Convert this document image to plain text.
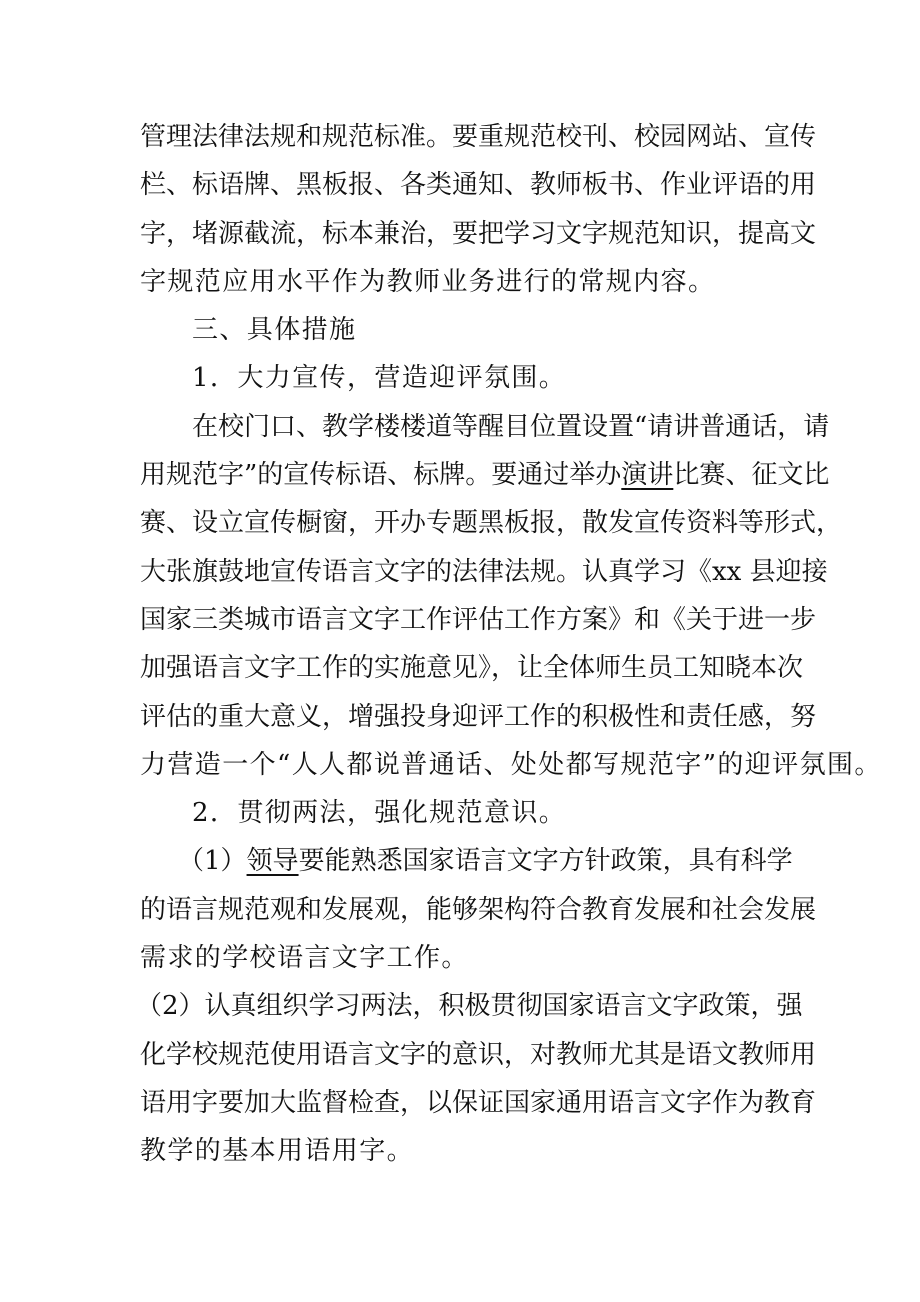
管理法律法规和规范标准。要重规范校刊、校园网站、宣传
栏、标语牌、黑板报、各类通知、教师板书、作业评语的用
字，堵源截流，标本兼治，要把学习文字规范知识，提高文
字规范应用水平作为教师业务进行的常规内容。
三、具体措施
1．大力宣传，营造迎评氛围。
在校门口、教学楼楼道等醒目位置设置“请讲普通话，请
用规范字”的宣传标语、标牌。要通过举办演讲比赛、征文比
赛、设立宣传橱窗，开办专题黑板报，散发宣传资料等形式，
大张旗鼓地宣传语言文字的法律法规。认真学习《xx 县迎接
国家三类城市语言文字工作评估工作方案》和《关于进一步
加强语言文字工作的实施意见》，让全体师生员工知晓本次
评估的重大意义，增强投身迎评工作的积极性和责任感，努
力营造一个“人人都说普通话、处处都写规范字”的迎评氛围。
2．贯彻两法，强化规范意识。
（1）领导要能熟悉国家语言文字方针政策，具有科学
的语言规范观和发展观，能够架构符合教育发展和社会发展
需求的学校语言文字工作。
（2）认真组织学习两法，积极贯彻国家语言文字政策，强
化学校规范使用语言文字的意识，对教师尤其是语文教师用
语用字要加大监督检查，以保证国家通用语言文字作为教育
教学的基本用语用字。
